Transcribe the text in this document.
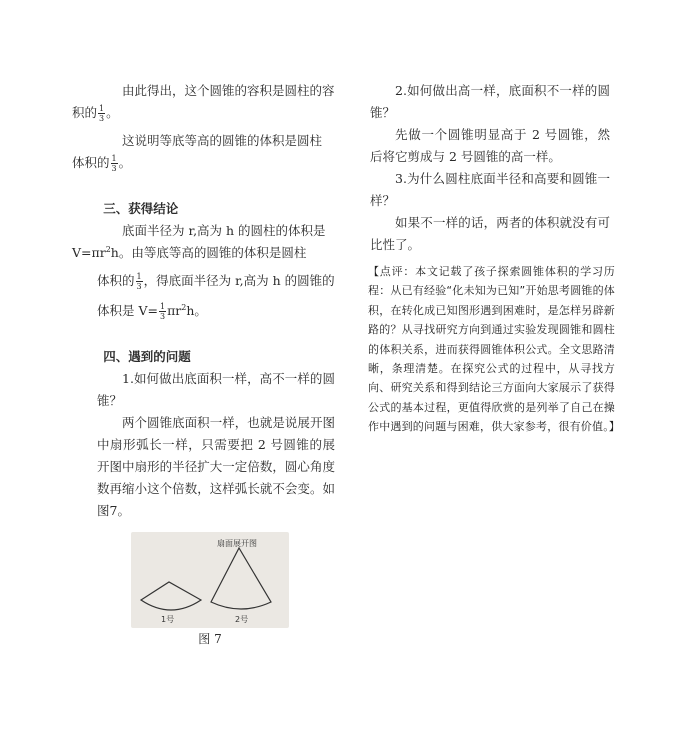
由此得出，这个圆锥的容积是圆柱的容
积的 $\frac{1}{3}$ 。

这说明等底等高的圆锥的体积是圆柱
体积的 $\frac{1}{3}$ 。

三、获得结论

底面半径为 r,高为 h 的圆柱的体积是
$V=\pi r^2h$。由等底等高的圆锥的体积是圆柱
体积的 $\frac{1}{3}$ ，得底面半径为 r,高为 h 的圆锥的
体积是 $V= \frac{1}{3} \pi r^2h$。

四、遇到的问题

1.如何做出底面积一样，高不一样的圆锥？

两个圆锥底面积一样，也就是说展开图中扇形弧长一样，只需要把 2 号圆锥的展开图中扇形的半径扩大一定倍数，圆心角度数再缩小这个倍数，这样弧长就不会变。如图7。

扇面展开图
1号	2号
图 7

2.如何做出高一样，底面积不一样的圆锥？

先做一个圆锥明显高于 2 号圆锥，然后将它剪成与 2 号圆锥的高一样。

3.为什么圆柱底面半径和高要和圆锥一样？

如果不一样的话，两者的体积就没有可比性了。

【点评：本文记载了孩子探索圆锥体积的学习历程：从已有经验“化未知为已知”开始思考圆锥的体积，在转化成已知图形遇到困难时，是怎样另辟新路的？从寻找研究方向到通过实验发现圆锥和圆柱的体积关系，进而获得圆锥体积公式。全文思路清晰，条理清楚。在探究公式的过程中，从寻找方向、研究关系和得到结论三方面向大家展示了获得公式的基本过程，更值得欣赏的是列举了自己在操作中遇到的问题与困难，供大家参考，很有价值。】
